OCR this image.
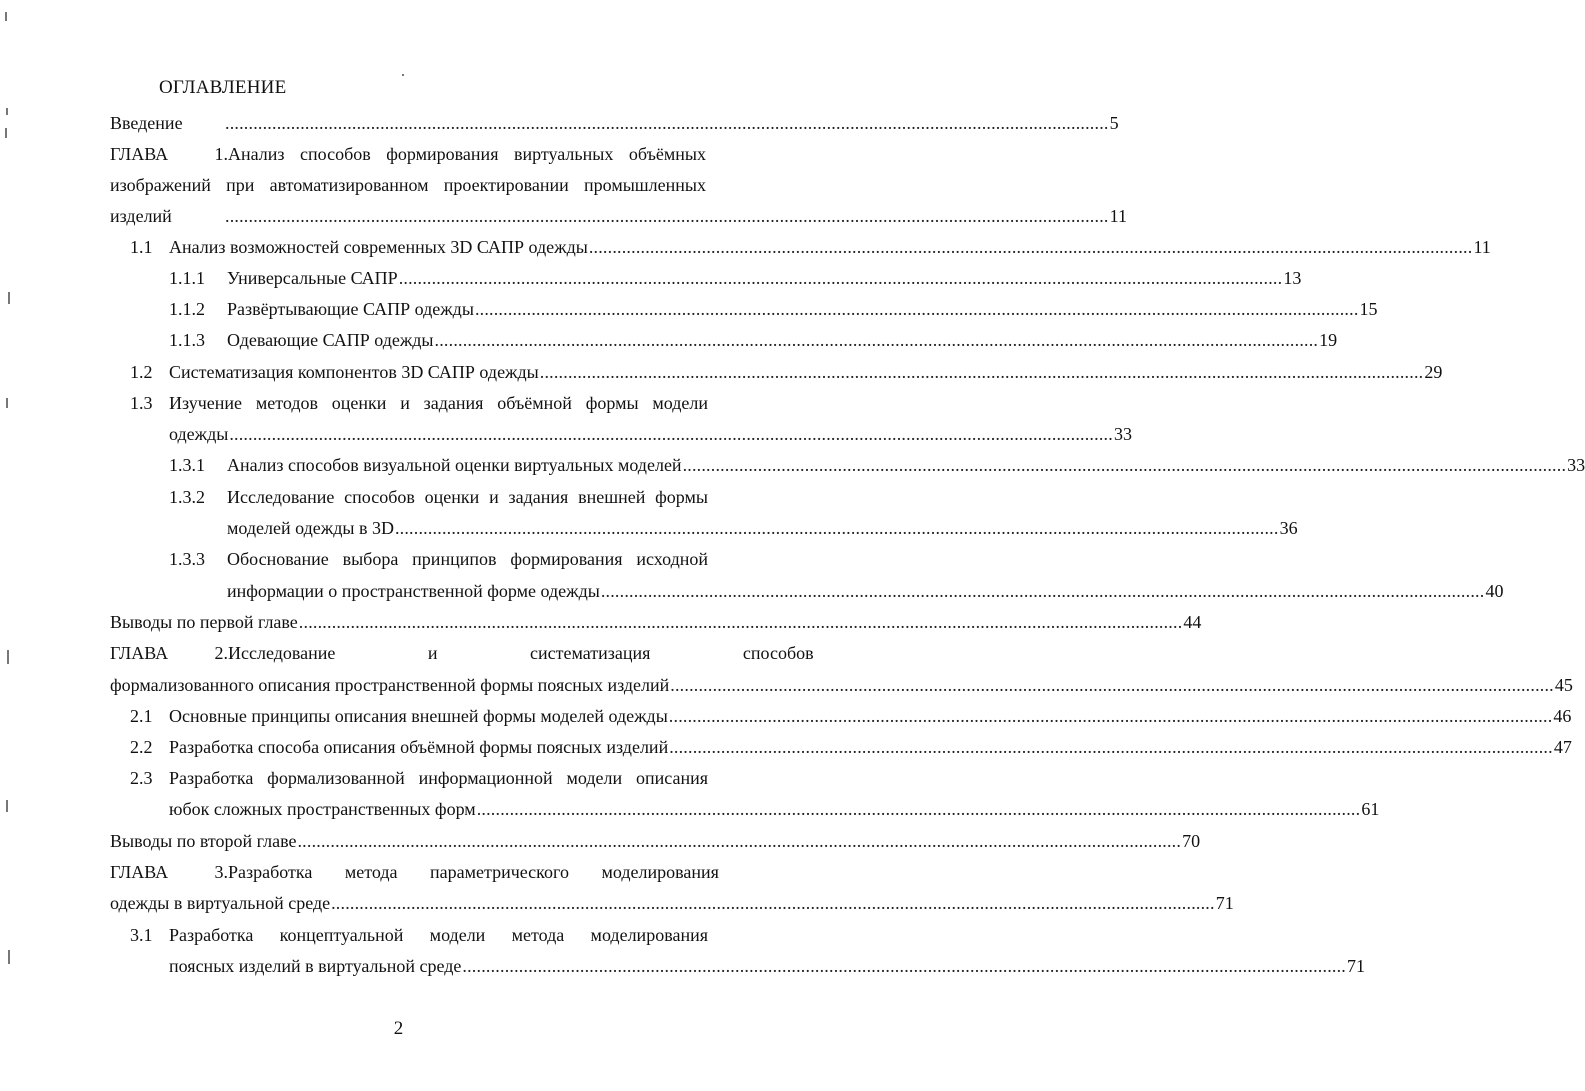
ОГЛАВЛЕНИЕ
Введение .....	5
ГЛАВА 1.Анализ способов формирования виртуальных объёмных
изображений при автоматизированном проектировании промышленных
изделий .....	11
1.1 Анализ возможностей современных 3D САПР одежды .....	11
1.1.1	Универсальные САПР .....	13
1.1.2	Развёртывающие САПР одежды .....	15
1.1.3	Одевающие САПР одежды .....	19
1.2 Систематизация компонентов 3D САПР одежды .....	29
1.3 Изучение методов оценки и задания объёмной формы модели
одежды .....	33
1.3.1	Анализ способов визуальной оценки виртуальных моделей .....	33
1.3.2	Исследование способов оценки и задания внешней формы
моделей одежды в 3D .....	36
1.3.3	Обоснование выбора принципов формирования исходной
информации о пространственной форме одежды .....	40
Выводы по первой главе .....	44
ГЛАВА 2.Исследование и систематизация способов
формализованного описания пространственной формы поясных изделий .....	45
2.1 Основные принципы описания внешней формы моделей одежды .....	46
2.2 Разработка способа описания объёмной формы поясных изделий .....	47
2.3 Разработка формализованной информационной модели описания
юбок сложных пространственных форм .....	61
Выводы по второй главе .....	70
ГЛАВА 3.Разработка метода параметрического моделирования
одежды в виртуальной среде .....	71
3.1 Разработка концептуальной модели метода моделирования
поясных изделий в виртуальной среде .....	71
2
